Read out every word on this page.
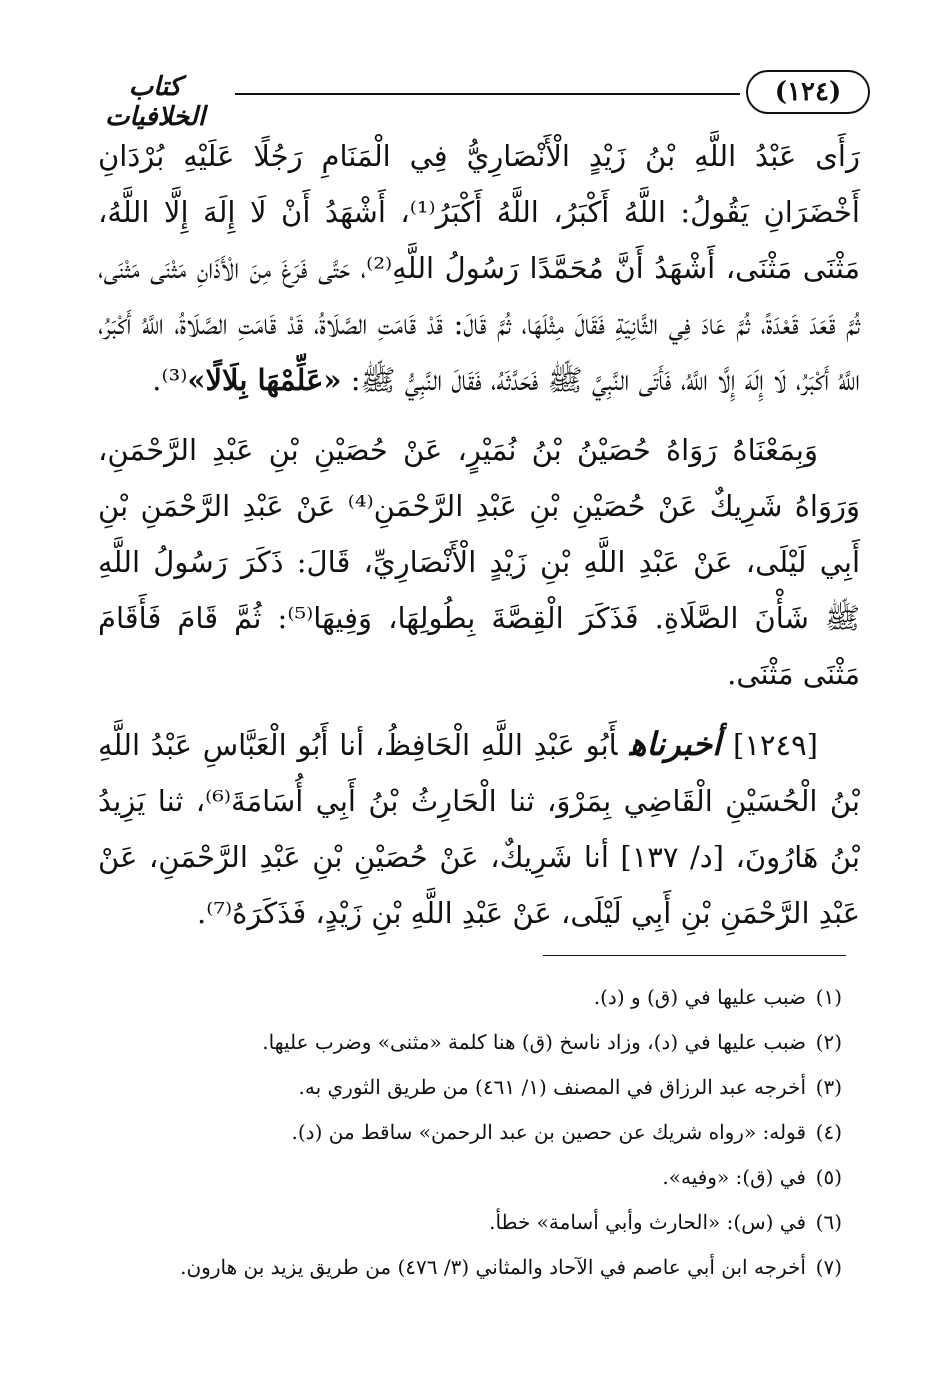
(١٢٤)
كتاب الخلافيات

رَأَى عَبْدُ اللَّهِ بْنُ زَيْدٍ الْأَنْصَارِيُّ فِي الْمَنَامِ رَجُلًا عَلَيْهِ بُرْدَانِ أَخْضَرَانِ يَقُولُ: اللَّهُ أَكْبَرُ، اللَّهُ أَكْبَرُ⁽¹⁾، أَشْهَدُ أَنْ لَا إِلَهَ إِلَّا اللَّهُ، مَثْنَى مَثْنَى، أَشْهَدُ أَنَّ مُحَمَّدًا رَسُولُ اللَّهِ⁽²⁾، حَتَّى فَرَغَ مِنَ الْأَذَانِ مَثْنَى مَثْنَى، ثُمَّ قَعَدَ قَعْدَةً، ثُمَّ عَادَ فِي الثَّانِيَةِ فَقَالَ مِثْلَهَا، ثُمَّ قَالَ: قَدْ قَامَتِ الصَّلَاةُ، قَدْ قَامَتِ الصَّلَاةُ، اللَّهُ أَكْبَرُ، اللَّهُ أَكْبَرُ، لَا إِلَهَ إِلَّا اللَّهُ، فَأَتَى النَّبِيَّ ﷺ فَحَدَّثَهُ، فَقَالَ النَّبِيُّ ﷺ: «عَلِّمْهَا بِلَالًا»⁽³⁾.

وَبِمَعْنَاهُ رَوَاهُ حُصَيْنُ بْنُ نُمَيْرٍ، عَنْ حُصَيْنِ بْنِ عَبْدِ الرَّحْمَنِ، وَرَوَاهُ شَرِيكٌ عَنْ حُصَيْنِ بْنِ عَبْدِ الرَّحْمَنِ⁽⁴⁾ عَنْ عَبْدِ الرَّحْمَنِ بْنِ أَبِي لَيْلَى، عَنْ عَبْدِ اللَّهِ بْنِ زَيْدٍ الْأَنْصَارِيِّ، قَالَ: ذَكَرَ رَسُولُ اللَّهِ ﷺ شَأْنَ الصَّلَاةِ. فَذَكَرَ الْقِصَّةَ بِطُولِهَا، وَفِيهَا⁽⁵⁾: ثُمَّ قَامَ فَأَقَامَ مَثْنَى مَثْنَى.

[١٢٤٩]أخبرناهأَبُو عَبْدِ اللَّهِ الْحَافِظُ، أنا أَبُو الْعَبَّاسِ عَبْدُ اللَّهِ بْنُ الْحُسَيْنِ الْقَاضِي بِمَرْوَ، ثنا الْحَارِثُ بْنُ أَبِي أُسَامَةَ⁽⁶⁾، ثنا يَزِيدُ بْنُ هَارُونَ، [د/ ١٣٧] أنا شَرِيكٌ، عَنْ حُصَيْنِ بْنِ عَبْدِ الرَّحْمَنِ، عَنْ عَبْدِ الرَّحْمَنِ بْنِ أَبِي لَيْلَى، عَنْ عَبْدِ اللَّهِ بْنِ زَيْدٍ، فَذَكَرَهُ⁽⁷⁾.

(١)
ضبب عليها في (ق) و (د).
(٢)
ضبب عليها في (د)، وزاد ناسخ (ق) هنا كلمة «مثنى» وضرب عليها.
(٣)
أخرجه عبد الرزاق في المصنف (١/ ٤٦١) من طريق الثوري به.
(٤)
قوله: «رواه شريك عن حصين بن عبد الرحمن» ساقط من (د).
(٥)
في (ق): «وفيه».
(٦)
في (س): «الحارث وأبي أسامة» خطأ.
(٧)
أخرجه ابن أبي عاصم في الآحاد والمثاني (٣/ ٤٧٦) من طريق يزيد بن هارون.
